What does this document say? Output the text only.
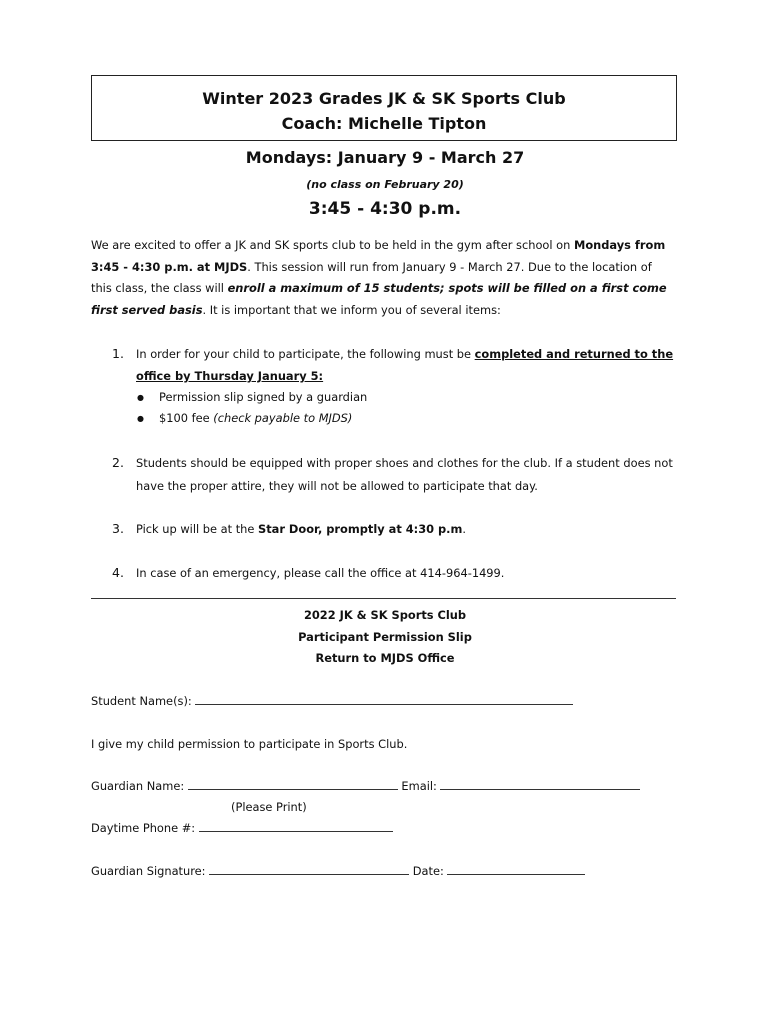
Winter 2023 Grades JK & SK Sports Club
Coach: Michelle Tipton
Mondays: January 9 - March 27
(no class on February 20)
3:45 - 4:30 p.m.

We are excited to offer a JK and SK sports club to be held in the gym after school on Mondays from 3:45 - 4:30 p.m. at MJDS. This session will run from January 9 - March 27. Due to the location of this class, the class will enroll a maximum of 15 students; spots will be filled on a first come first served basis. It is important that we inform you of several items:

1. In order for your child to participate, the following must be completed and returned to the office by Thursday January 5:
● Permission slip signed by a guardian
● $100 fee (check payable to MJDS)
2. Students should be equipped with proper shoes and clothes for the club. If a student does not have the proper attire, they will not be allowed to participate that day.
3. Pick up will be at the Star Door, promptly at 4:30 p.m.
4. In case of an emergency, please call the office at 414-964-1499.
2022 JK & SK Sports Club
Participant Permission Slip
Return to MJDS Office
Student Name(s):
I give my child permission to participate in Sports Club.
Guardian Name:	Email:
(Please Print)
Daytime Phone #:
Guardian Signature:	Date:
